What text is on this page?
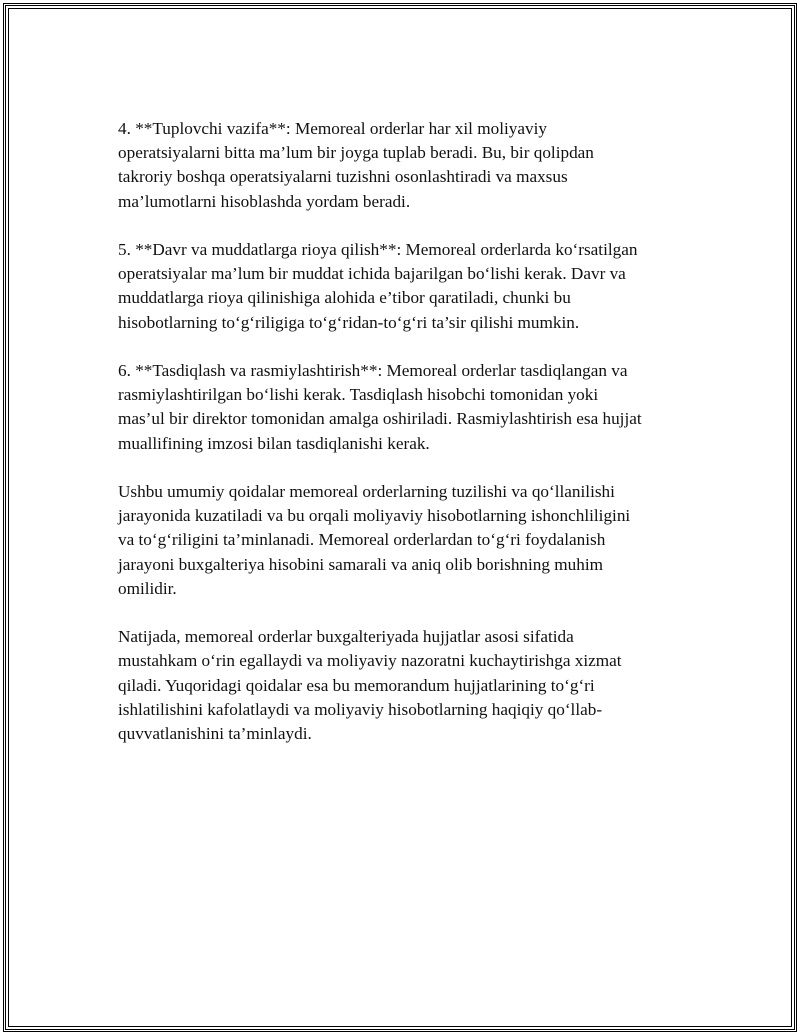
4. **Tuplovchi vazifa**: Memoreal orderlar har xil moliyaviy
operatsiyalarni bitta ma’lum bir joyga tuplab beradi. Bu, bir qolipdan
takroriy boshqa operatsiyalarni tuzishni osonlashtiradi va maxsus
ma’lumotlarni hisoblashda yordam beradi.

5. **Davr va muddatlarga rioya qilish**: Memoreal orderlarda ko‘rsatilgan
operatsiyalar ma’lum bir muddat ichida bajarilgan bo‘lishi kerak. Davr va
muddatlarga rioya qilinishiga alohida e’tibor qaratiladi, chunki bu
hisobotlarning to‘g‘riligiga to‘g‘ridan-to‘g‘ri ta’sir qilishi mumkin.

6. **Tasdiqlash va rasmiylashtirish**: Memoreal orderlar tasdiqlangan va
rasmiylashtirilgan bo‘lishi kerak. Tasdiqlash hisobchi tomonidan yoki
mas’ul bir direktor tomonidan amalga oshiriladi. Rasmiylashtirish esa hujjat
muallifining imzosi bilan tasdiqlanishi kerak.

Ushbu umumiy qoidalar memoreal orderlarning tuzilishi va qo‘llanilishi
jarayonida kuzatiladi va bu orqali moliyaviy hisobotlarning ishonchliligini
va to‘g‘riligini ta’minlanadi. Memoreal orderlardan to‘g‘ri foydalanish
jarayoni buxgalteriya hisobini samarali va aniq olib borishning muhim
omilidir.

Natijada, memoreal orderlar buxgalteriyada hujjatlar asosi sifatida
mustahkam o‘rin egallaydi va moliyaviy nazoratni kuchaytirishga xizmat
qiladi. Yuqoridagi qoidalar esa bu memorandum hujjatlarining to‘g‘ri
ishlatilishini kafolatlaydi va moliyaviy hisobotlarning haqiqiy qo‘llab-
quvvatlanishini ta’minlaydi.
